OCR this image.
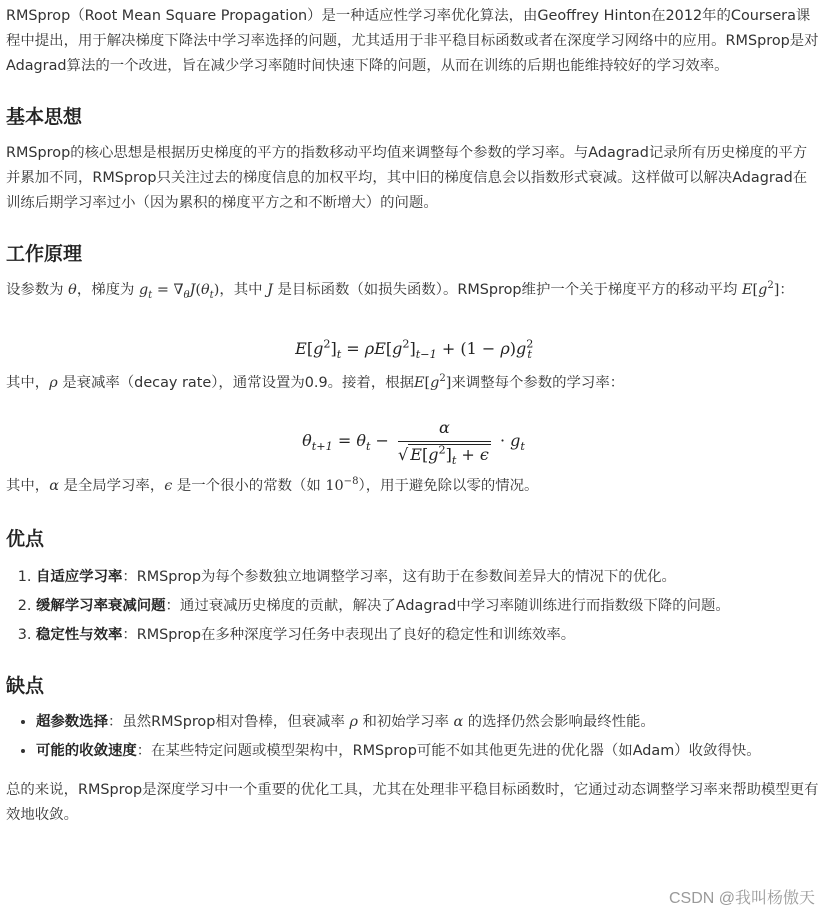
RMSprop（Root Mean Square Propagation）是一种适应性学习率优化算法，由Geoffrey Hinton在2012年的Coursera课程中提出，用于解决梯度下降法中学习率选择的问题，尤其适用于非平稳目标函数或者在深度学习网络中的应用。RMSprop是对Adagrad算法的一个改进，旨在减少学习率随时间快速下降的问题，从而在训练的后期也能维持较好的学习效率。

基本思想

RMSprop的核心思想是根据历史梯度的平方的指数移动平均值来调整每个参数的学习率。与Adagrad记录所有历史梯度的平方并累加不同，RMSprop只关注过去的梯度信息的加权平均，其中旧的梯度信息会以指数形式衰减。这样做可以解决Adagrad在训练后期学习率过小（因为累积的梯度平方之和不断增大）的问题。

工作原理

设参数为 θ，梯度为 $g_t = \nabla_\theta J(\theta_t)$，其中 J 是目标函数（如损失函数）。RMSprop维护一个关于梯度平方的移动平均 $E[g^2]$：

$E[g^2]_t = \rho E[g^2]_{t-1} + (1 - \rho)g^2_t$

其中，ρ 是衰减率（decay rate），通常设置为0.9。接着，根据$E[g^2]$来调整每个参数的学习率：

$\theta_{t+1} = \theta_t - \frac{\alpha}{√ E[g^2]_t + \epsilon} \cdot g_t$

其中，α 是全局学习率，ϵ 是一个很小的常数（如 $10^{-8}$），用于避免除以零的情况。

优点
1. 自适应学习率：RMSprop为每个参数独立地调整学习率，这有助于在参数间差异大的情况下的优化。
2. 缓解学习率衰减问题：通过衰减历史梯度的贡献，解决了Adagrad中学习率随训练进行而指数级下降的问题。
3. 稳定性与效率：RMSprop在多种深度学习任务中表现出了良好的稳定性和训练效率。
缺点
• 超参数选择：虽然RMSprop相对鲁棒，但衰减率 ρ 和初始学习率 α 的选择仍然会影响最终性能。
• 可能的收敛速度：在某些特定问题或模型架构中，RMSprop可能不如其他更先进的优化器（如Adam）收敛得快。

总的来说，RMSprop是深度学习中一个重要的优化工具，尤其在处理非平稳目标函数时，它通过动态调整学习率来帮助模型更有效地收敛。

CSDN @我叫杨傲天
